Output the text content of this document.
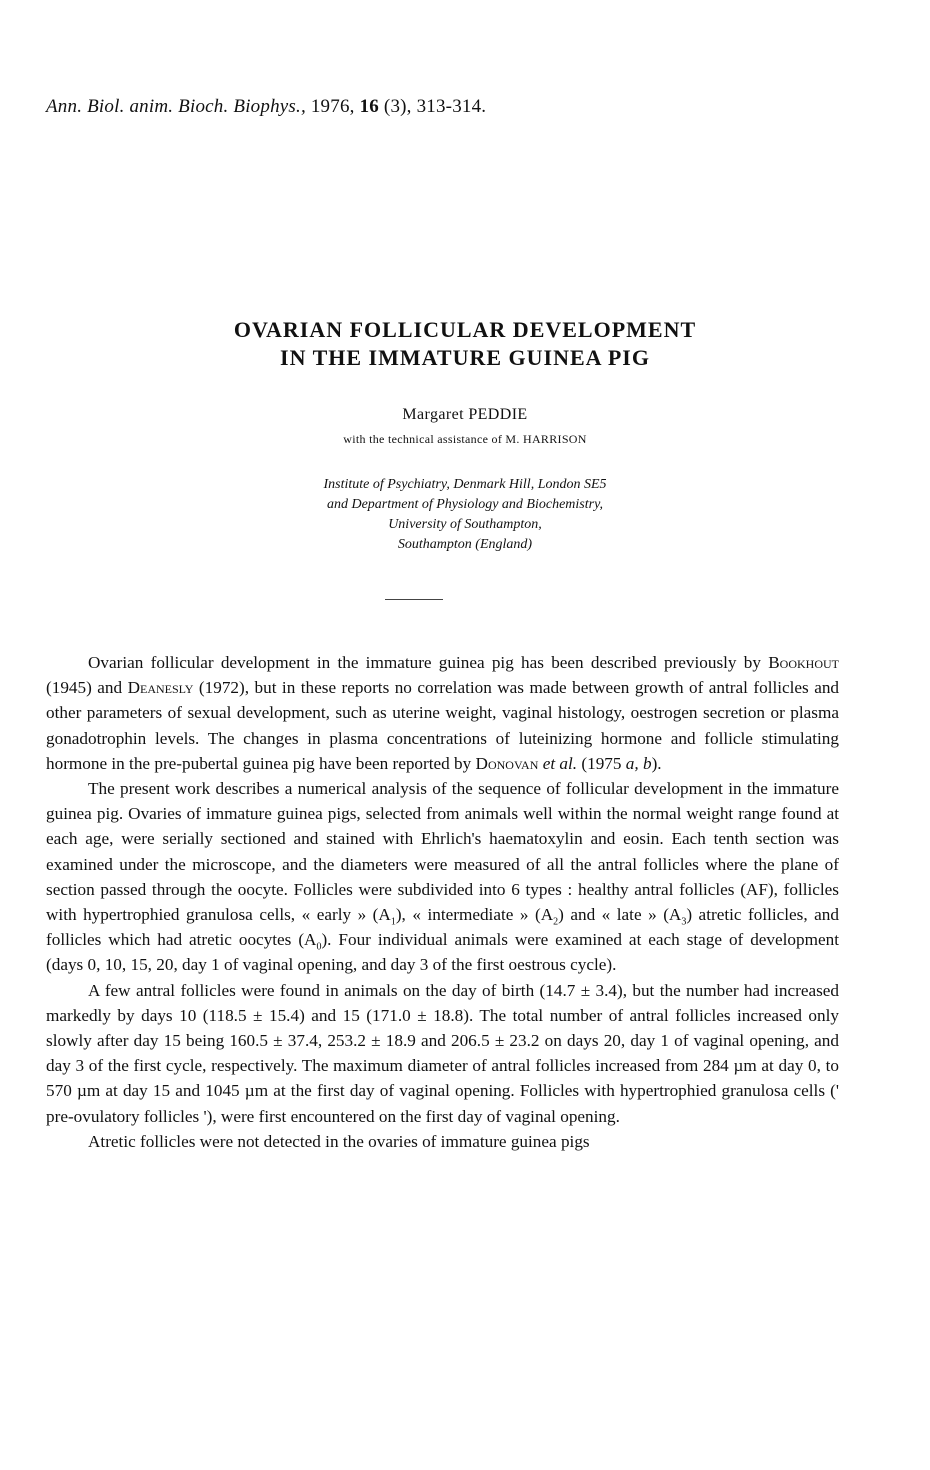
Ann. Biol. anim. Bioch. Biophys., 1976, 16 (3), 313-314.
OVARIAN FOLLICULAR DEVELOPMENT
IN THE IMMATURE GUINEA PIG
Margaret PEDDIE
with the technical assistance of M. HARRISON
Institute of Psychiatry, Denmark Hill, London SE5
and Department of Physiology and Biochemistry,
University of Southampton,
Southampton (England)

Ovarian follicular development in the immature guinea pig has been described previously by Bookhout (1945) and Deanesly (1972), but in these reports no correlation was made between growth of antral follicles and other parameters of sexual development, such as uterine weight, vaginal histology, oestrogen secretion or plasma gonadotrophin levels. The changes in plasma concentrations of luteinizing hormone and follicle stimulating hormone in the pre-pubertal guinea pig have been reported by Donovan et al. (1975 a, b).

The present work describes a numerical analysis of the sequence of follicular development in the immature guinea pig. Ovaries of immature guinea pigs, selected from animals well within the normal weight range found at each age, were serially sectioned and stained with Ehrlich's haematoxylin and eosin. Each tenth section was examined under the microscope, and the diameters were measured of all the antral follicles where the plane of section passed through the oocyte. Follicles were subdivided into 6 types : healthy antral follicles (AF), follicles with hypertrophied granulosa cells, « early » $(A_1)$, « intermediate » $(A_2)$ and « late » $(A_3)$ atretic follicles, and follicles which had atretic oocytes $(A_0)$. Four individual animals were examined at each stage of development (days 0, 10, 15, 20, day 1 of vaginal opening, and day 3 of the first oestrous cycle).

A few antral follicles were found in animals on the day of birth (14.7 ± 3.4), but the number had increased markedly by days 10 (118.5 ± 15.4) and 15 (171.0 ± 18.8). The total number of antral follicles increased only slowly after day 15 being 160.5 ± 37.4, 253.2 ± 18.9 and 206.5 ± 23.2 on days 20, day 1 of vaginal opening, and day 3 of the first cycle, respectively. The maximum diameter of antral follicles increased from 284 µm at day 0, to 570 µm at day 15 and 1045 µm at the first day of vaginal opening. Follicles with hypertrophied granulosa cells (' pre-ovulatory follicles '), were first encountered on the first day of vaginal opening.

Atretic follicles were not detected in the ovaries of immature guinea pigs
